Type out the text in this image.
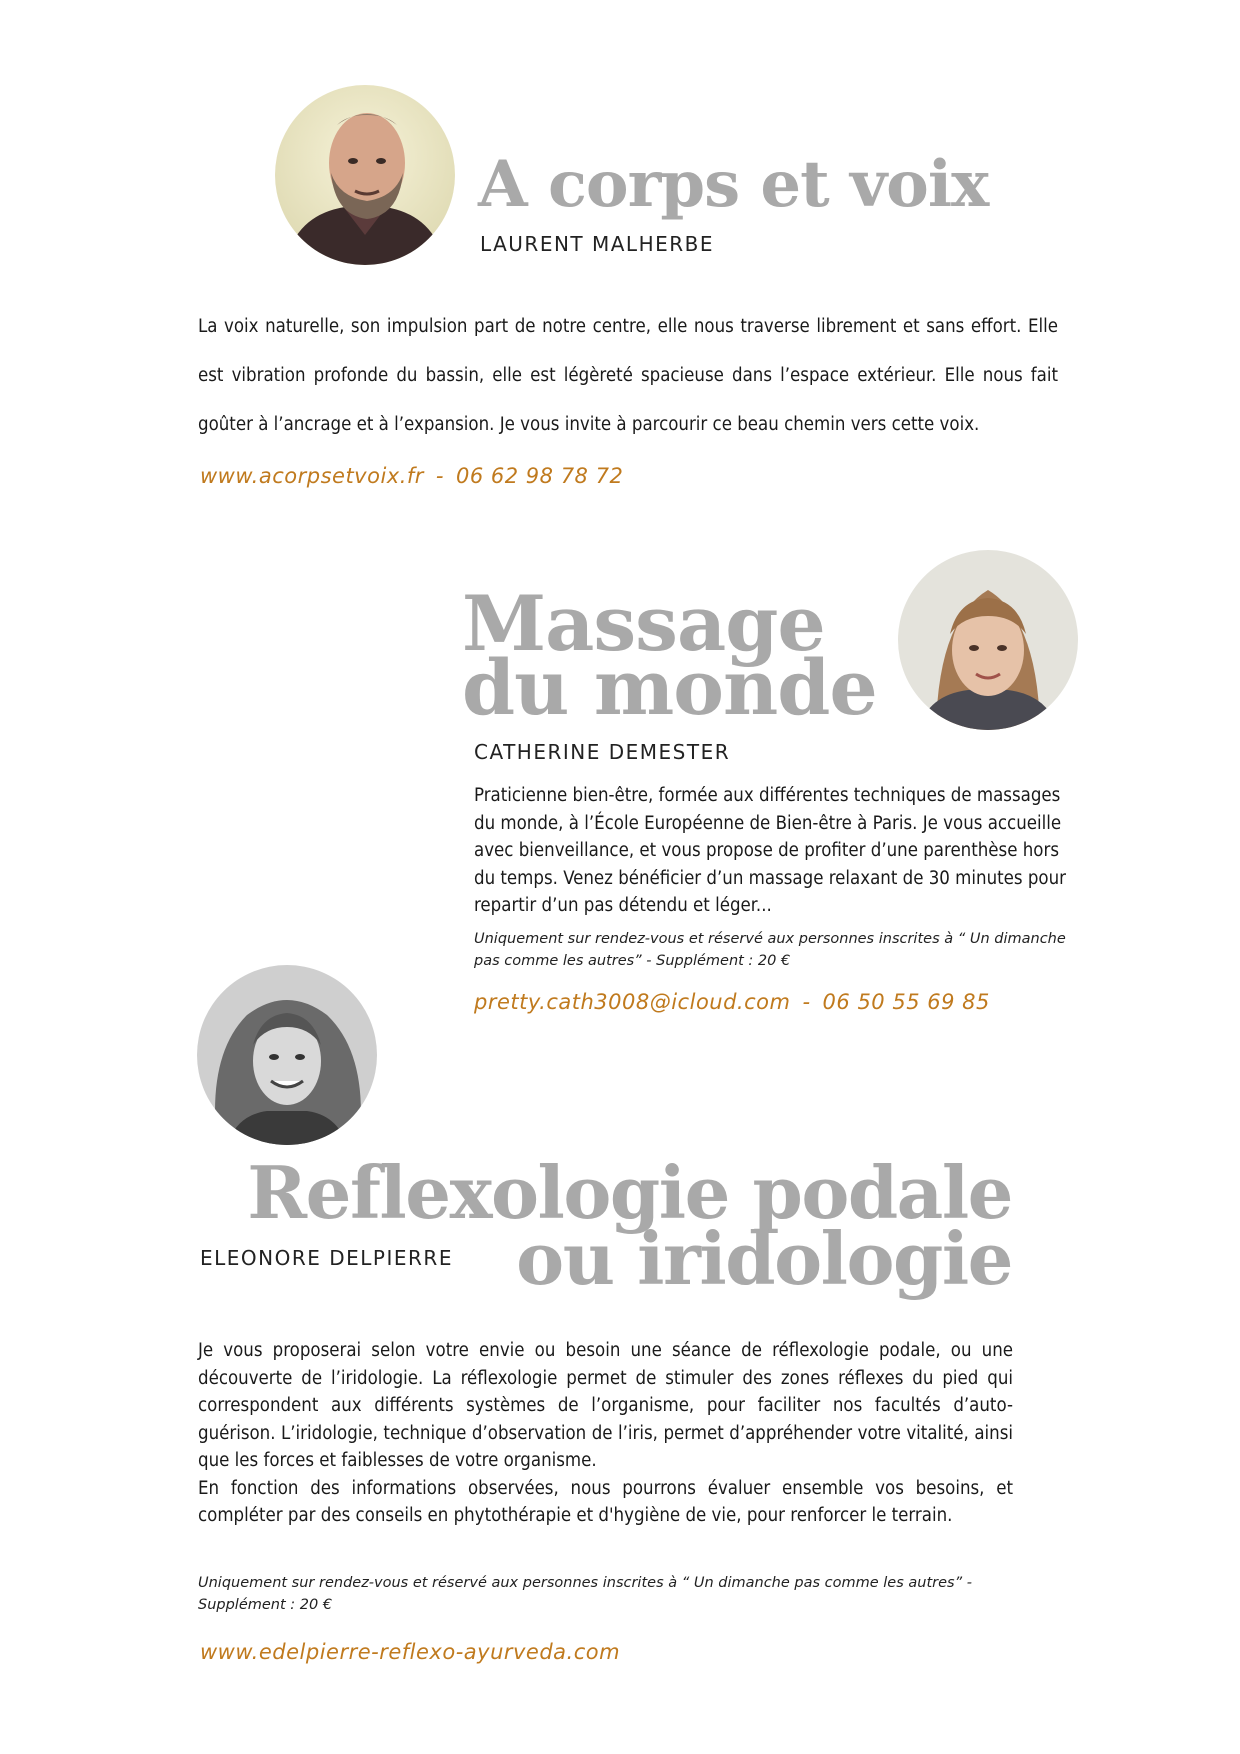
A corps et voix
LAURENT MALHERBE

La voix naturelle, son impulsion part de notre centre, elle nous traverse librement et sans effort. Elle est vibration profonde du bassin, elle est légèreté spacieuse dans l’espace extérieur. Elle nous fait goûter à l’ancrage et à l’expansion. Je vous invite à parcourir ce beau chemin vers cette voix.

www.acorpsetvoix.fr - 06 62 98 78 72
Massage
du monde
CATHERINE DEMESTER

Praticienne bien-être, formée aux différentes techniques de massages du monde, à l’École Européenne de Bien-être à Paris. Je vous accueille avec bienveillance, et vous propose de profiter d’une parenthèse hors du temps. Venez bénéficier d’un massage relaxant de 30 minutes pour repartir d’un pas détendu et léger...

Uniquement sur rendez-vous et réservé aux personnes inscrites à “ Un dimanche pas comme les autres” - Supplément : 20 €
pretty.cath3008@icloud.com - 06 50 55 69 85
Reflexologie podale
ou iridologie
ELEONORE DELPIERRE

Je vous proposerai selon votre envie ou besoin une séance de réflexologie podale, ou une découverte de l’iridologie. La réflexologie permet de stimuler des zones réflexes du pied qui correspondent aux différents systèmes de l’organisme, pour faciliter nos facultés d’auto-guérison. L’iridologie, technique d’observation de l’iris, permet d’appréhender votre vitalité, ainsi que les forces et faiblesses de votre organisme.

En fonction des informations observées, nous pourrons évaluer ensemble vos besoins, et compléter par des conseils en phytothérapie et d'hygiène de vie, pour renforcer le terrain.

Uniquement sur rendez-vous et réservé aux personnes inscrites à “ Un dimanche pas comme les autres” - Supplément : 20 €
www.edelpierre-reflexo-ayurveda.com
